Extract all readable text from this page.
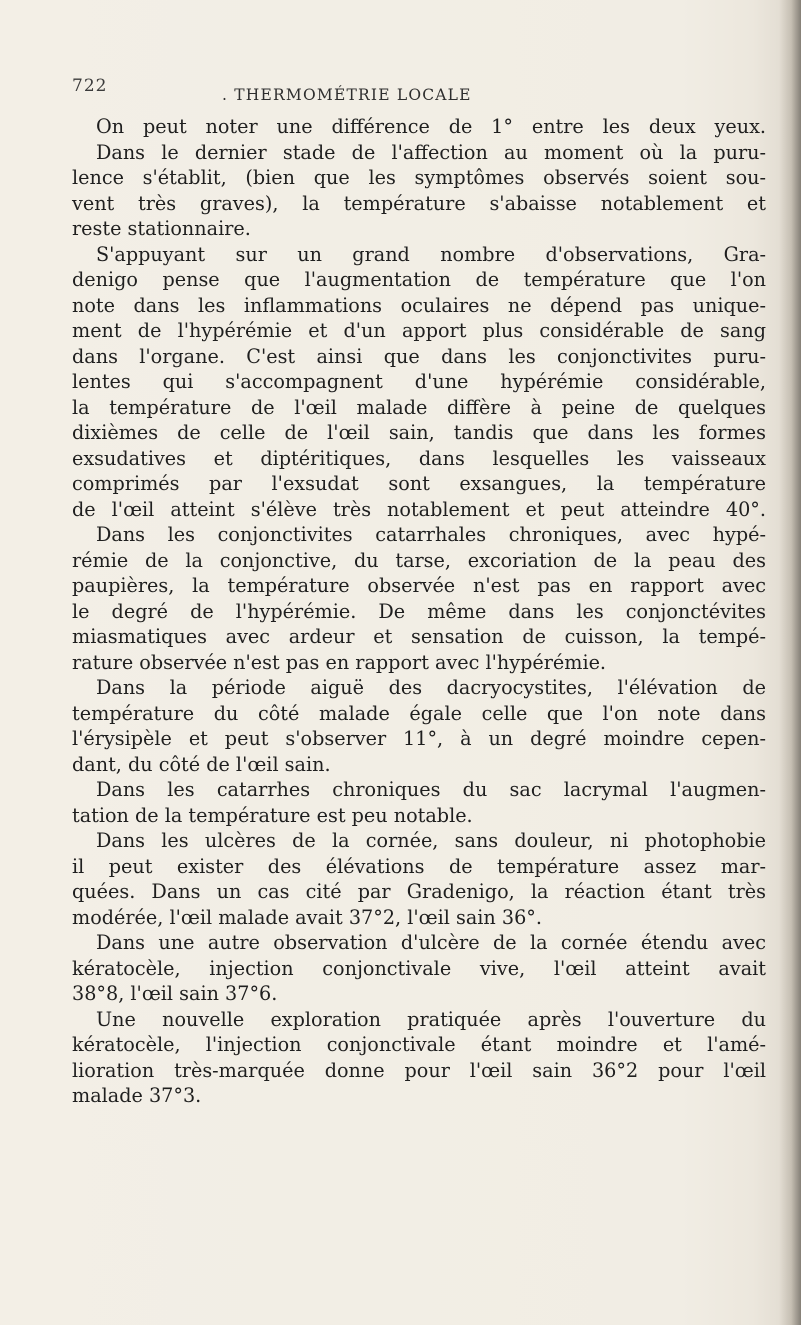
722	. THERMOMÉTRIE LOCALE
On peut noter une différence de 1° entre les deux yeux.
Dans le dernier stade de l'affection au moment où la puru-
lence s'établit, (bien que les symptômes observés soient sou-
vent très graves), la température s'abaisse notablement et
reste stationnaire.
S'appuyant sur un grand nombre d'observations, Gra-
denigo pense que l'augmentation de température que l'on
note dans les inflammations oculaires ne dépend pas unique-
ment de l'hypérémie et d'un apport plus considérable de sang
dans l'organe. C'est ainsi que dans les conjonctivites puru-
lentes qui s'accompagnent d'une hypérémie considérable,
la température de l'œil malade diffère à peine de quelques
dixièmes de celle de l'œil sain, tandis que dans les formes
exsudatives et diptéritiques, dans lesquelles les vaisseaux
comprimés par l'exsudat sont exsangues, la température
de l'œil atteint s'élève très notablement et peut atteindre 40°.
Dans les conjonctivites catarrhales chroniques, avec hypé-
rémie de la conjonctive, du tarse, excoriation de la peau des
paupières, la température observée n'est pas en rapport avec
le degré de l'hypérémie. De même dans les conjonctévites
miasmatiques avec ardeur et sensation de cuisson, la tempé-
rature observée n'est pas en rapport avec l'hypérémie.
Dans la période aiguë des dacryocystites, l'élévation de
température du côté malade égale celle que l'on note dans
l'érysipèle et peut s'observer 11°, à un degré moindre cepen-
dant, du côté de l'œil sain.
Dans les catarrhes chroniques du sac lacrymal l'augmen-
tation de la température est peu notable.
Dans les ulcères de la cornée, sans douleur, ni photophobie
il peut exister des élévations de température assez mar-
quées. Dans un cas cité par Gradenigo, la réaction étant très
modérée, l'œil malade avait 37°2, l'œil sain 36°.
Dans une autre observation d'ulcère de la cornée étendu avec
kératocèle, injection conjonctivale vive, l'œil atteint avait
38°8, l'œil sain 37°6.
Une nouvelle exploration pratiquée après l'ouverture du
kératocèle, l'injection conjonctivale étant moindre et l'amé-
lioration très-marquée donne pour l'œil sain 36°2 pour l'œil
malade 37°3.
